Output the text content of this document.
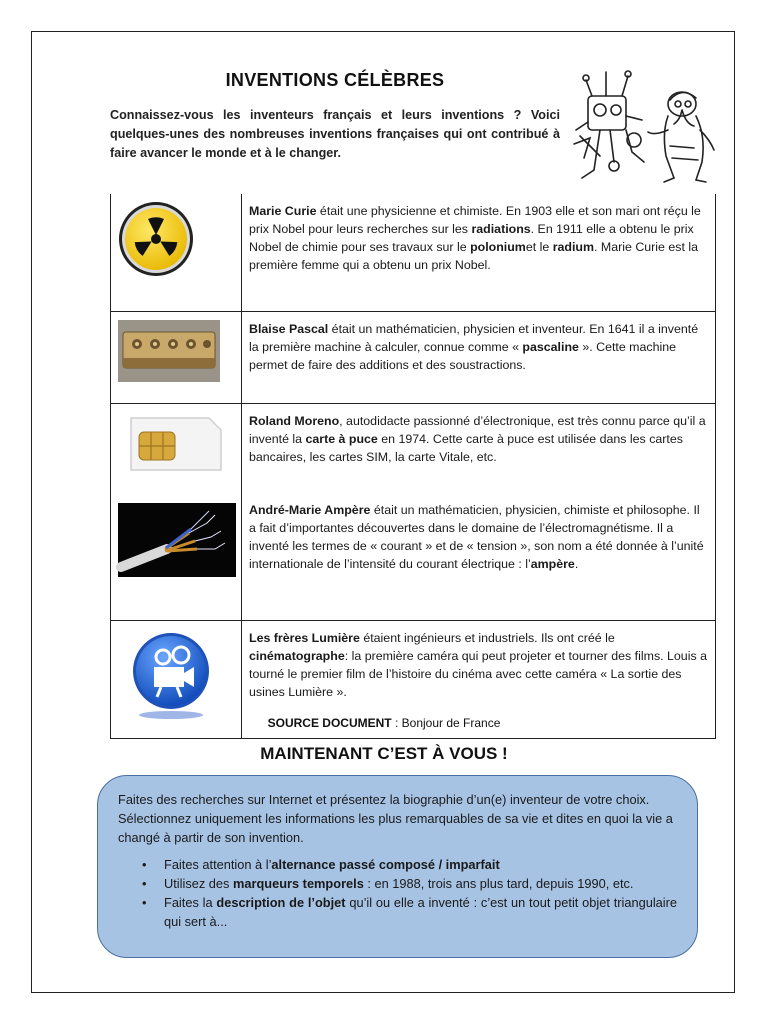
INVENTIONS CÉLÈBRES
Connaissez-vous les inventeurs français et leurs inventions ? Voici quelques-unes des nombreuses inventions françaises qui ont contribué à faire avancer le monde et à le changer.
	Marie Curie était une physicienne et chimiste. En 1903 elle et son mari ont réçu le prix Nobel pour leurs recherches sur les radiations. En 1911 elle a obtenu le prix Nobel de chimie pour ses travaux sur le poloniumet le radium. Marie Curie est la première femme qui a obtenu un prix Nobel.
	Blaise Pascal était un mathématicien, physicien et inventeur. En 1641 il a inventé la première machine à calculer, connue comme « pascaline ». Cette machine permet de faire des additions et des soustractions.
	Roland Moreno, autodidacte passionné d’électronique, est très connu parce qu’il a inventé la carte à puce en 1974. Cette carte à puce est utilisée dans les cartes bancaires, les cartes SIM, la carte Vitale, etc.
	André-Marie Ampère était un mathématicien, physicien, chimiste et philosophe. Il a fait d’importantes découvertes dans le domaine de l’électromagnétisme. Il a inventé les termes de « courant » et de « tension », son nom a été donnée à l’unité internationale de l’intensité du courant électrique : l’ampère.
	Les frères Lumière étaient ingénieurs et industriels. Ils ont créé le cinématographe: la première caméra qui peut projeter et tourner des films. Louis a tourné le premier film de l’histoire du cinéma avec cette caméra « La sortie des usines Lumière ».
SOURCE DOCUMENT : Bonjour de France
MAINTENANT C’EST À VOUS !

Faites des recherches sur Internet et présentez la biographie d’un(e) inventeur de votre choix. Sélectionnez uniquement les informations les plus remarquables de sa vie et dites en quoi la vie a changé à partir de son invention.

• Faites attention à l’alternance passé composé / imparfait
• Utilisez des marqueurs temporels : en 1988, trois ans plus tard, depuis 1990, etc.
• Faites la description de l’objet qu’il ou elle a inventé : c’est un tout petit objet triangulaire qui sert à...
